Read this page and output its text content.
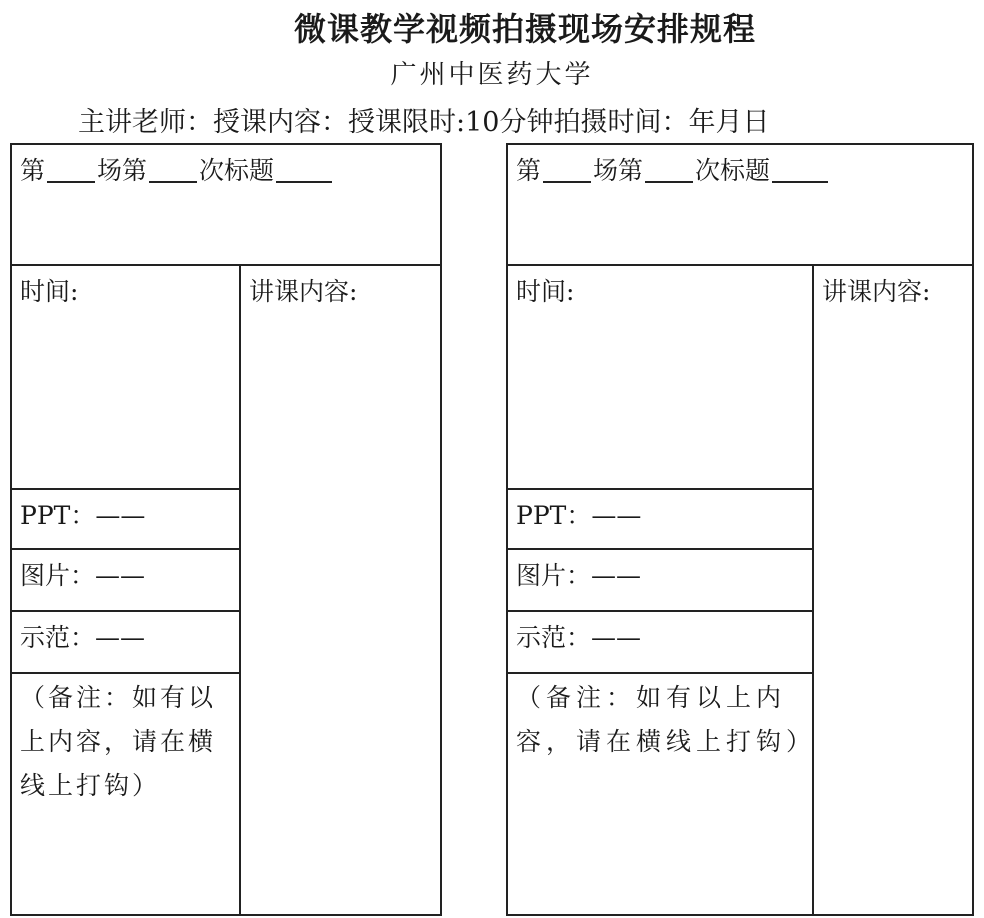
微课教学视频拍摄现场安排规程
广州中医药大学
主讲老师：授课内容：授课限时:10分钟拍摄时间：年月日
第 场第 次标题
时间:	讲课内容:
PPT：——
图片：——
示范：——
（备注：如有以上内容，请在横线上打钩）
第 场第 次标题
时间:	讲课内容:
PPT：——
图片：——
示范：——
（备注：如有以上内容，请在横线上打钩）
